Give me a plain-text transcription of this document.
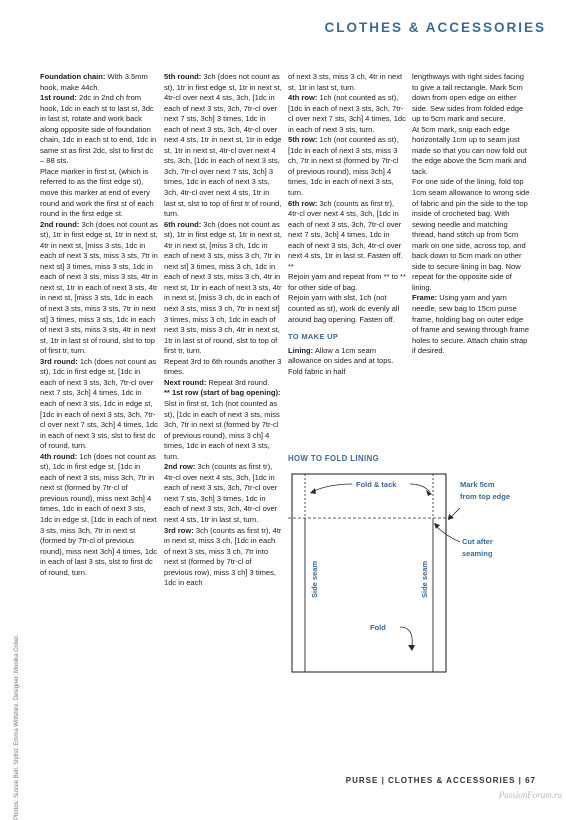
CLOTHES & ACCESSORIES

Foundation chain: With 3.5mm hook, make 44ch.

1st round: 2dc in 2nd ch from hook, 1dc in each st to last st, 3dc in last st, rotate and work back along opposite side of foundation chain, 1dc in each st to end, 1dc in same st as first 2dc, slst to first dc – 88 sts.

Place marker in first st, (which is referred to as the first edge st), move this marker at end of every round and work the first st of each round in the first edge st.

2nd round: 3ch (does not count as st), 1tr in first edge st, 1tr in next st, 4tr in next st, [miss 3 sts, 1dc in each of next 3 sts, miss 3 sts, 7tr in next st] 3 times, miss 3 sts, 1dc in each of next 3 sts, miss 3 sts, 4tr in next st, 1tr in each of next 3 sts, 4tr in next st, [miss 3 sts, 1dc in each of next 3 sts, miss 3 sts, 7tr in next st] 3 times, miss 3 sts, 1dc in each of next 3 sts, miss 3 sts, 4tr in next st, 1tr in last st of round, slst to top of first tr, turn.

3rd round: 1ch (does not count as st), 1dc in first edge st, [1dc in each of next 3 sts, 3ch, 7tr-cl over next 7 sts, 3ch] 4 times, 1dc in each of next 3 sts, 1dc in edge st, [1dc in each of next 3 sts, 3ch, 7tr-cl over next 7 sts, 3ch] 4 times, 1dc in each of next 3 sts, slst to first dc of round, turn.

4th round: 1ch (does not count as st), 1dc in first edge st, [1dc in each of next 3 sts, miss 3ch, 7tr in next st (formed by 7tr-cl of previous round), miss next 3ch] 4 times, 1dc in each of next 3 sts, 1dc in edge st, [1dc in each of next 3 sts, miss 3ch, 7tr in next st (formed by 7tr-cl of previous round), miss next 3ch] 4 times, 1dc in each of last 3 sts, slst to first dc of round, turn.

5th round: 3ch (does not count as st), 1tr in first edge st, 1tr in next st, 4tr-cl over next 4 sts, 3ch, [1dc in each of next 3 sts, 3ch, 7tr-cl over next 7 sts, 3ch] 3 times, 1dc in each of next 3 sts, 3ch, 4tr-cl over next 4 sts, 1tr in next st, 1tr in edge st, 1tr in next st, 4tr-cl over next 4 sts, 3ch, [1dc in each of next 3 sts, 3ch, 7tr-cl over next 7 sts, 3ch] 3 times, 1dc in each of next 3 sts, 3ch, 4tr-cl over next 4 sts, 1tr in last st, slst to top of first tr of round, turn.

6th round: 3ch (does not count as st), 1tr in first edge st, 1tr in next st, 4tr in next st, [miss 3 ch, 1dc in each of next 3 sts, miss 3 ch, 7tr in next st] 3 times, miss 3 ch, 1dc in each of next 3 sts, miss 3 ch, 4tr in next st, 1tr in each of next 3 sts, 4tr in next st, [miss 3 ch, dc in each of next 3 sts, miss 3 ch, 7tr in next st] 3 times, miss 3 ch, 1dc in each of next 3 sts, miss 3 ch, 4tr in next st, 1tr in last st of round, slst to top of first tr, turn.

Repeat 3rd to 6th rounds another 3 times.

Next round: Repeat 3rd round.

** 1st row (start of bag opening): Slst in first st, 1ch (not counted as st), [1dc in each of next 3 sts, miss 3ch, 7tr in next st (formed by 7tr-cl of previous round), miss 3 ch] 4 times, 1dc in each of next 3 sts, turn.

2nd row: 3ch (counts as first tr), 4tr-cl over next 4 sts, 3ch, [1dc in each of next 3 sts, 3ch, 7tr-cl over next 7 sts, 3ch] 3 times, 1dc in each of next 3 sts, 3ch, 4tr-cl over next 4 sts, 1tr in last st, turn.

3rd row: 3ch (counts as first tr), 4tr in next st, miss 3 ch, [1dc in each of next 3 sts, miss 3 ch, 7tr into next st (formed by 7tr-cl of previous row), miss 3 ch] 3 times, 1dc in each

of next 3 sts, miss 3 ch, 4tr in next st, 1tr in last st, turn.

4th row: 1ch (not counted as st), [1dc in each of next 3 sts, 3ch, 7tr-cl over next 7 sts, 3ch] 4 times, 1dc in each of next 3 sts, turn.

5th row: 1ch (not counted as st), [1dc in each of next 3 sts, miss 3 ch, 7tr in next st (formed by 7tr-cl of previous round), miss 3ch] 4 times, 1dc in each of next 3 sts, turn.

6th row: 3ch (counts as first tr), 4tr-cl over next 4 sts, 3ch, [1dc in each of next 3 sts, 3ch, 7tr-cl over next 7 sts, 3ch] 4 times, 1dc in each of next 3 sts, 3ch, 4tr-cl over next 4 sts, 1tr in last st. Fasten off. **

Rejoin yarn and repeat from ** to ** for other side of bag.

Rejoin yarn with slst, 1ch (not counted as st), work dc evenly all around bag opening. Fasten off.

TO MAKE UP

Lining: Allow a 1cm seam allowance on sides and at tops. Fold fabric in half

lengthways with right sides facing to give a tall rectangle. Mark 5cm down from open edge on either side. Sew sides from folded edge up to 5cm mark and secure.

At 5cm mark, snip each edge horizontally 1cm up to seam just made so that you can now fold out the edge above the 5cm mark and tack.

For one side of the lining, fold top 1cm seam allowance to wrong side of fabric and pin the side to the top inside of crocheted bag. With sewing needle and matching thread, hand stitch up from 5cm mark on one side, across top, and back down to 5cm mark on other side to secure lining in bag. Now repeat for the opposite side of lining.

Frame: Using yarn and yarn needle, sew bag to 15cm purse frame, holding bag on outer edge of frame and sewing through frame holes to secure. Attach chain strap if desired.

HOW TO FOLD LINING
Fold & tack	Mark 5cm
from top edge
Cut after
seaming
Side seam	Side seam
Fold
Photos: Sussie Bell. Stylist: Emma Wiltshire. Designer: Monika Cobel.	PURSE | CLOTHES & ACCESSORIES | 67
PassionForum.ru
